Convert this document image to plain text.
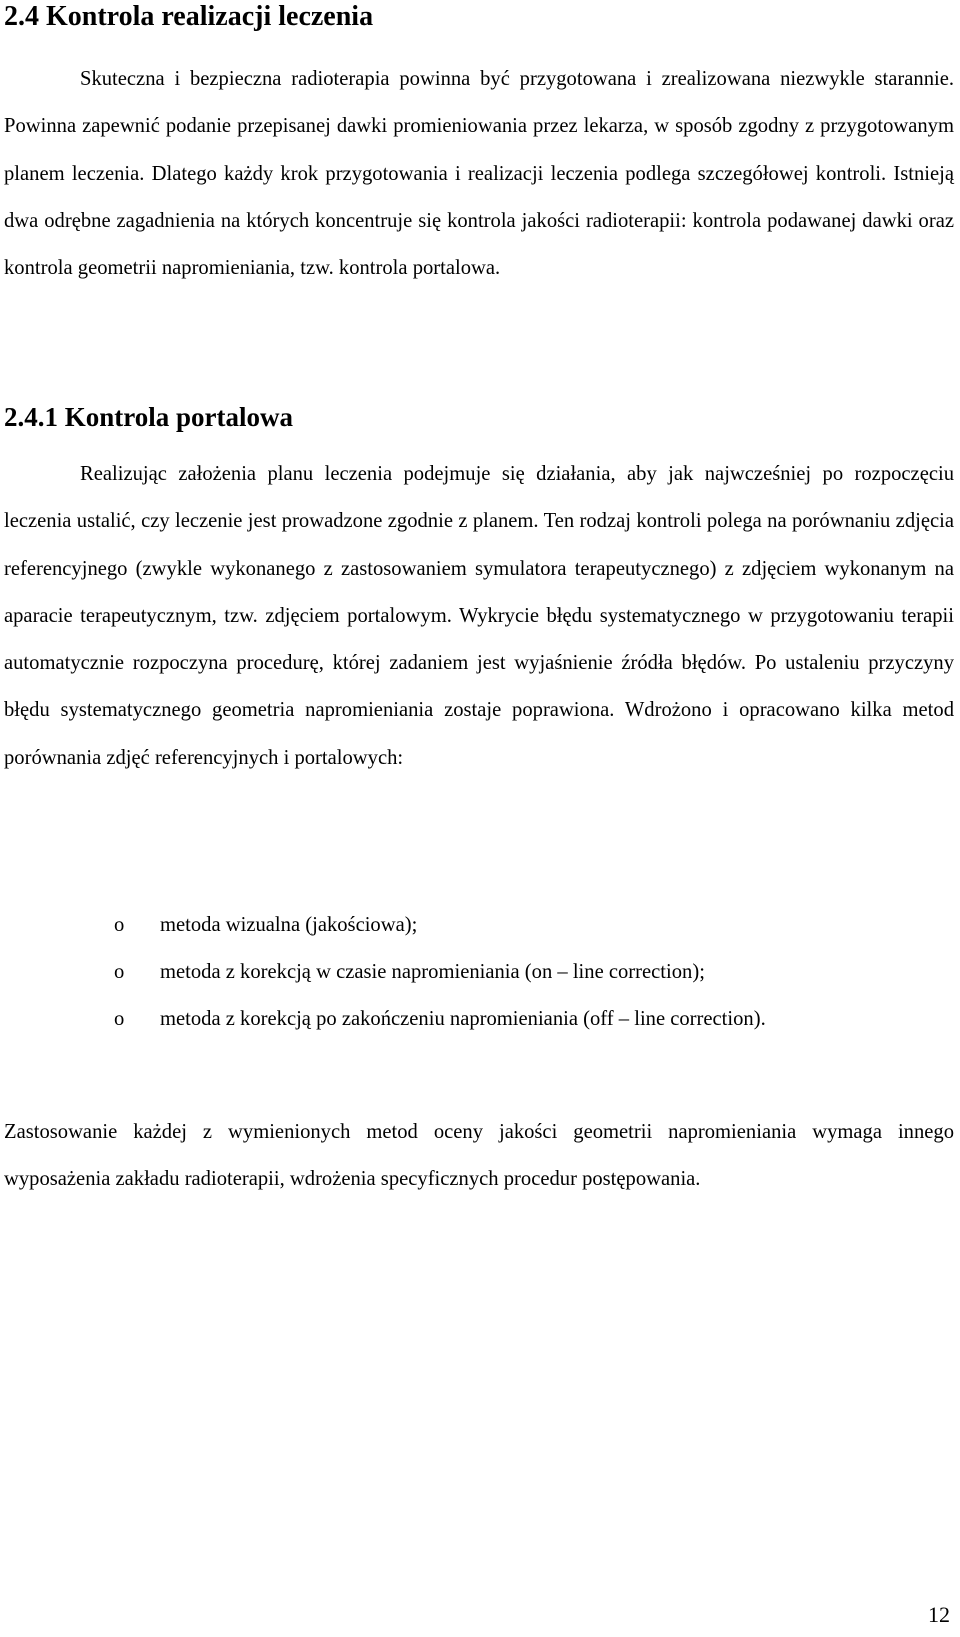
2.4 Kontrola realizacji leczenia

Skuteczna i bezpieczna radioterapia powinna być przygotowana i zrealizowana niezwykle starannie. Powinna zapewnić podanie przepisanej dawki promieniowania przez lekarza, w sposób zgodny z przygotowanym planem leczenia. Dlatego każdy krok przygotowania i realizacji leczenia podlega szczegółowej kontroli. Istnieją dwa odrębne zagadnienia na których koncentruje się kontrola jakości radioterapii: kontrola podawanej dawki oraz kontrola geometrii napromieniania, tzw. kontrola portalowa.

2.4.1 Kontrola portalowa

Realizując założenia planu leczenia podejmuje się działania, aby jak najwcześniej po rozpoczęciu leczenia ustalić, czy leczenie jest prowadzone zgodnie z planem. Ten rodzaj kontroli polega na porównaniu zdjęcia referencyjnego (zwykle wykonanego z zastosowaniem symulatora terapeutycznego) z zdjęciem wykonanym na aparacie terapeutycznym, tzw. zdjęciem portalowym. Wykrycie błędu systematycznego w przygotowaniu terapii automatycznie rozpoczyna procedurę, której zadaniem jest wyjaśnienie źródła błędów. Po ustaleniu przyczyny błędu systematycznego geometria napromieniania zostaje poprawiona. Wdrożono i opracowano kilka metod porównania zdjęć referencyjnych i portalowych:

o metoda wizualna (jakościowa);
o metoda z korekcją w czasie napromieniania (on – line correction);
o metoda z korekcją po zakończeniu napromieniania (off – line correction).

Zastosowanie każdej z wymienionych metod oceny jakości geometrii napromieniania wymaga innego wyposażenia zakładu radioterapii, wdrożenia specyficznych procedur postępowania.

12
